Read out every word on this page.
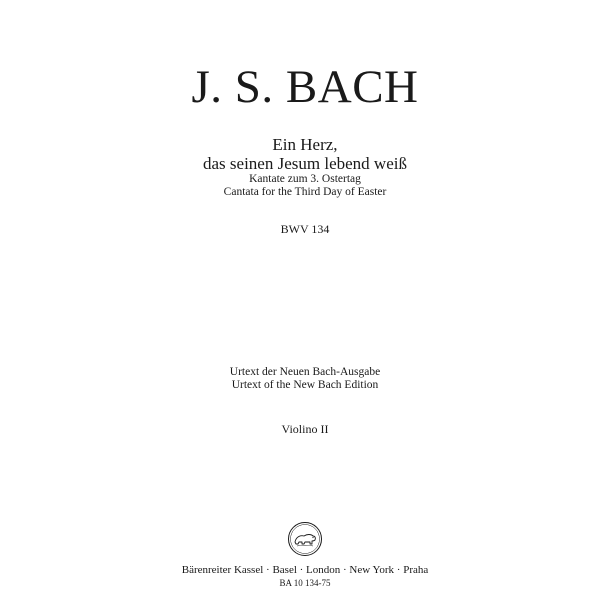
J. S. BACH
Ein Herz,
das seinen Jesum lebend weiß
Kantate zum 3. Ostertag
Cantata for the Third Day of Easter
BWV 134
Urtext der Neuen Bach-Ausgabe
Urtext of the New Bach Edition
Violino II
Bärenreiter Kassel · Basel · London · New York · Praha
BA 10 134-75
